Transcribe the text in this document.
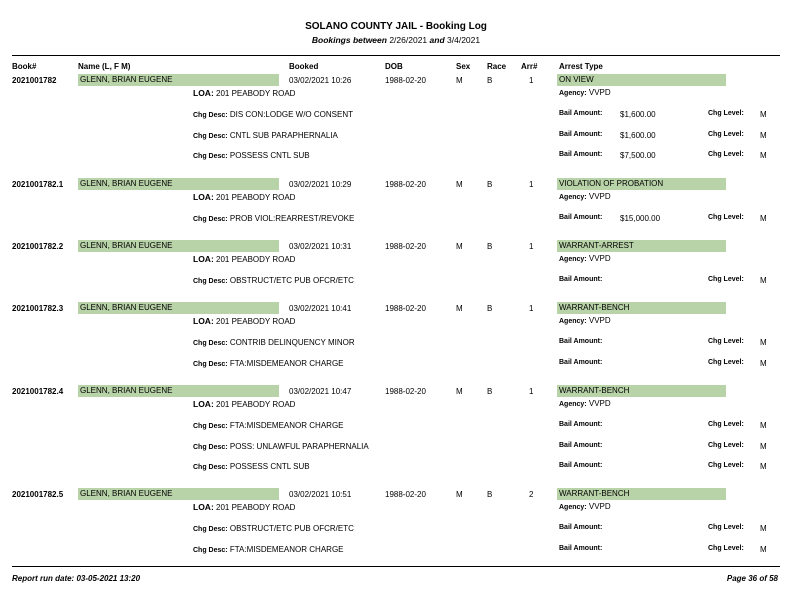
SOLANO COUNTY JAIL - Booking Log
Bookings between 2/26/2021 and 3/4/2021
Book#	Name (L, F M)	Booked	DOB	Sex Race Arr#	Arrest Type
2021001782	GLENN, BRIAN EUGENE	03/02/2021 10:26	1988-02-20	M	B	1	ON VIEW
LOA: 201 PEABODY ROAD	Agency: VVPD
Chg Desc: DIS CON:LODGE W/O CONSENT	Bail Amount: $1,600.00	Chg Level: M
Chg Desc: CNTL SUB PARAPHERNALIA	Bail Amount: $1,600.00	Chg Level: M
Chg Desc: POSSESS CNTL SUB	Bail Amount: $7,500.00	Chg Level: M
2021001782.1 GLENN, BRIAN EUGENE	03/02/2021 10:29	1988-02-20	M	B	1	VIOLATION OF PROBATION
LOA: 201 PEABODY ROAD	Agency: VVPD
Chg Desc: PROB VIOL:REARREST/REVOKE	Bail Amount: $15,000.00	Chg Level: M
2021001782.2 GLENN, BRIAN EUGENE	03/02/2021 10:31	1988-02-20	M	B	1	WARRANT-ARREST
LOA: 201 PEABODY ROAD	Agency: VVPD
Chg Desc: OBSTRUCT/ETC PUB OFCR/ETC	Bail Amount:	Chg Level: M
2021001782.3 GLENN, BRIAN EUGENE	03/02/2021 10:41	1988-02-20	M	B	1	WARRANT-BENCH
LOA: 201 PEABODY ROAD	Agency: VVPD
Chg Desc: CONTRIB DELINQUENCY MINOR	Bail Amount:	Chg Level: M
Chg Desc: FTA:MISDEMEANOR CHARGE	Bail Amount:	Chg Level: M
2021001782.4 GLENN, BRIAN EUGENE	03/02/2021 10:47	1988-02-20	M	B	1	WARRANT-BENCH
LOA: 201 PEABODY ROAD	Agency: VVPD
Chg Desc: FTA:MISDEMEANOR CHARGE	Bail Amount:	Chg Level: M
Chg Desc: POSS: UNLAWFUL PARAPHERNALIA	Bail Amount:	Chg Level: M
Chg Desc: POSSESS CNTL SUB	Bail Amount:	Chg Level: M
2021001782.5 GLENN, BRIAN EUGENE	03/02/2021 10:51	1988-02-20	M	B	2	WARRANT-BENCH
LOA: 201 PEABODY ROAD	Agency: VVPD
Chg Desc: OBSTRUCT/ETC PUB OFCR/ETC	Bail Amount:	Chg Level: M
Chg Desc: FTA:MISDEMEANOR CHARGE	Bail Amount:	Chg Level: M
Report run date: 03-05-2021 13:20	Page 36 of 58
